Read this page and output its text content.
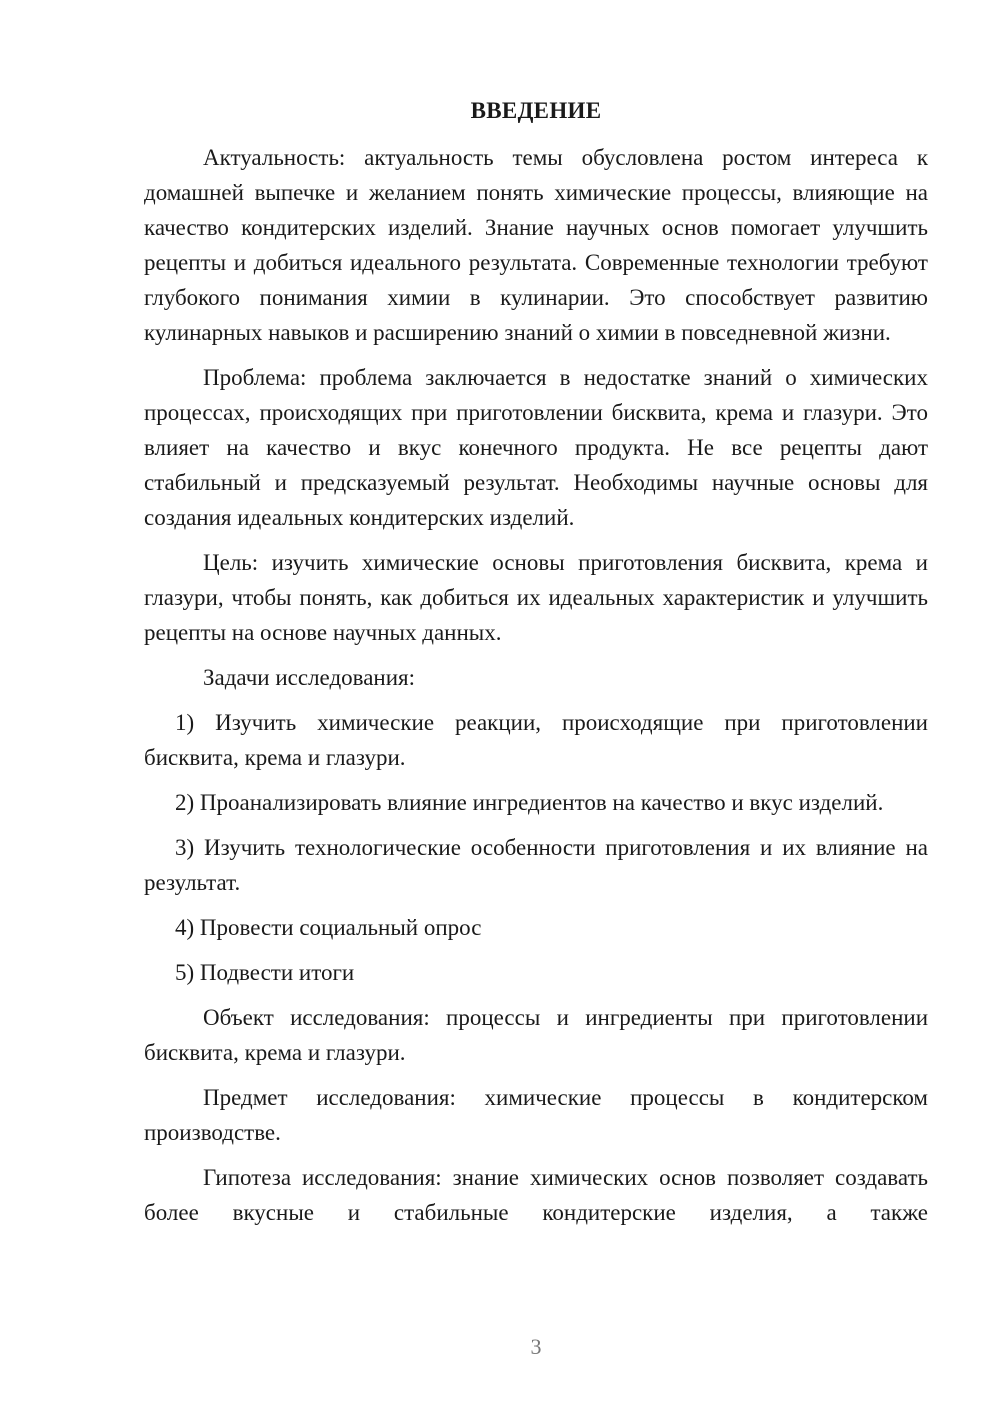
ВВЕДЕНИЕ

Актуальность: актуальность темы обусловлена ростом интереса к домашней выпечке и желанием понять химические процессы, влияющие на качество кондитерских изделий. Знание научных основ помогает улучшить рецепты и добиться идеального результата. Современные технологии требуют глубокого понимания химии в кулинарии. Это способствует развитию кулинарных навыков и расширению знаний о химии в повседневной жизни.

Проблема: проблема заключается в недостатке знаний о химических процессах, происходящих при приготовлении бисквита, крема и глазури. Это влияет на качество и вкус конечного продукта. Не все рецепты дают стабильный и предсказуемый результат. Необходимы научные основы для создания идеальных кондитерских изделий.

Цель: изучить химические основы приготовления бисквита, крема и глазури, чтобы понять, как добиться их идеальных характеристик и улучшить рецепты на основе научных данных.

Задачи исследования:

1) Изучить химические реакции, происходящие при приготовлении бисквита, крема и глазури.

2) Проанализировать влияние ингредиентов на качество и вкус изделий.

3) Изучить технологические особенности приготовления и их влияние на результат.

4) Провести социальный опрос

5) Подвести итоги

Объект исследования: процессы и ингредиенты при приготовлении бисквита, крема и глазури.

Предмет исследования: химические процессы в кондитерском производстве.

Гипотеза исследования: знание химических основ позволяет создавать более вкусные и стабильные кондитерские изделия, а также

3
